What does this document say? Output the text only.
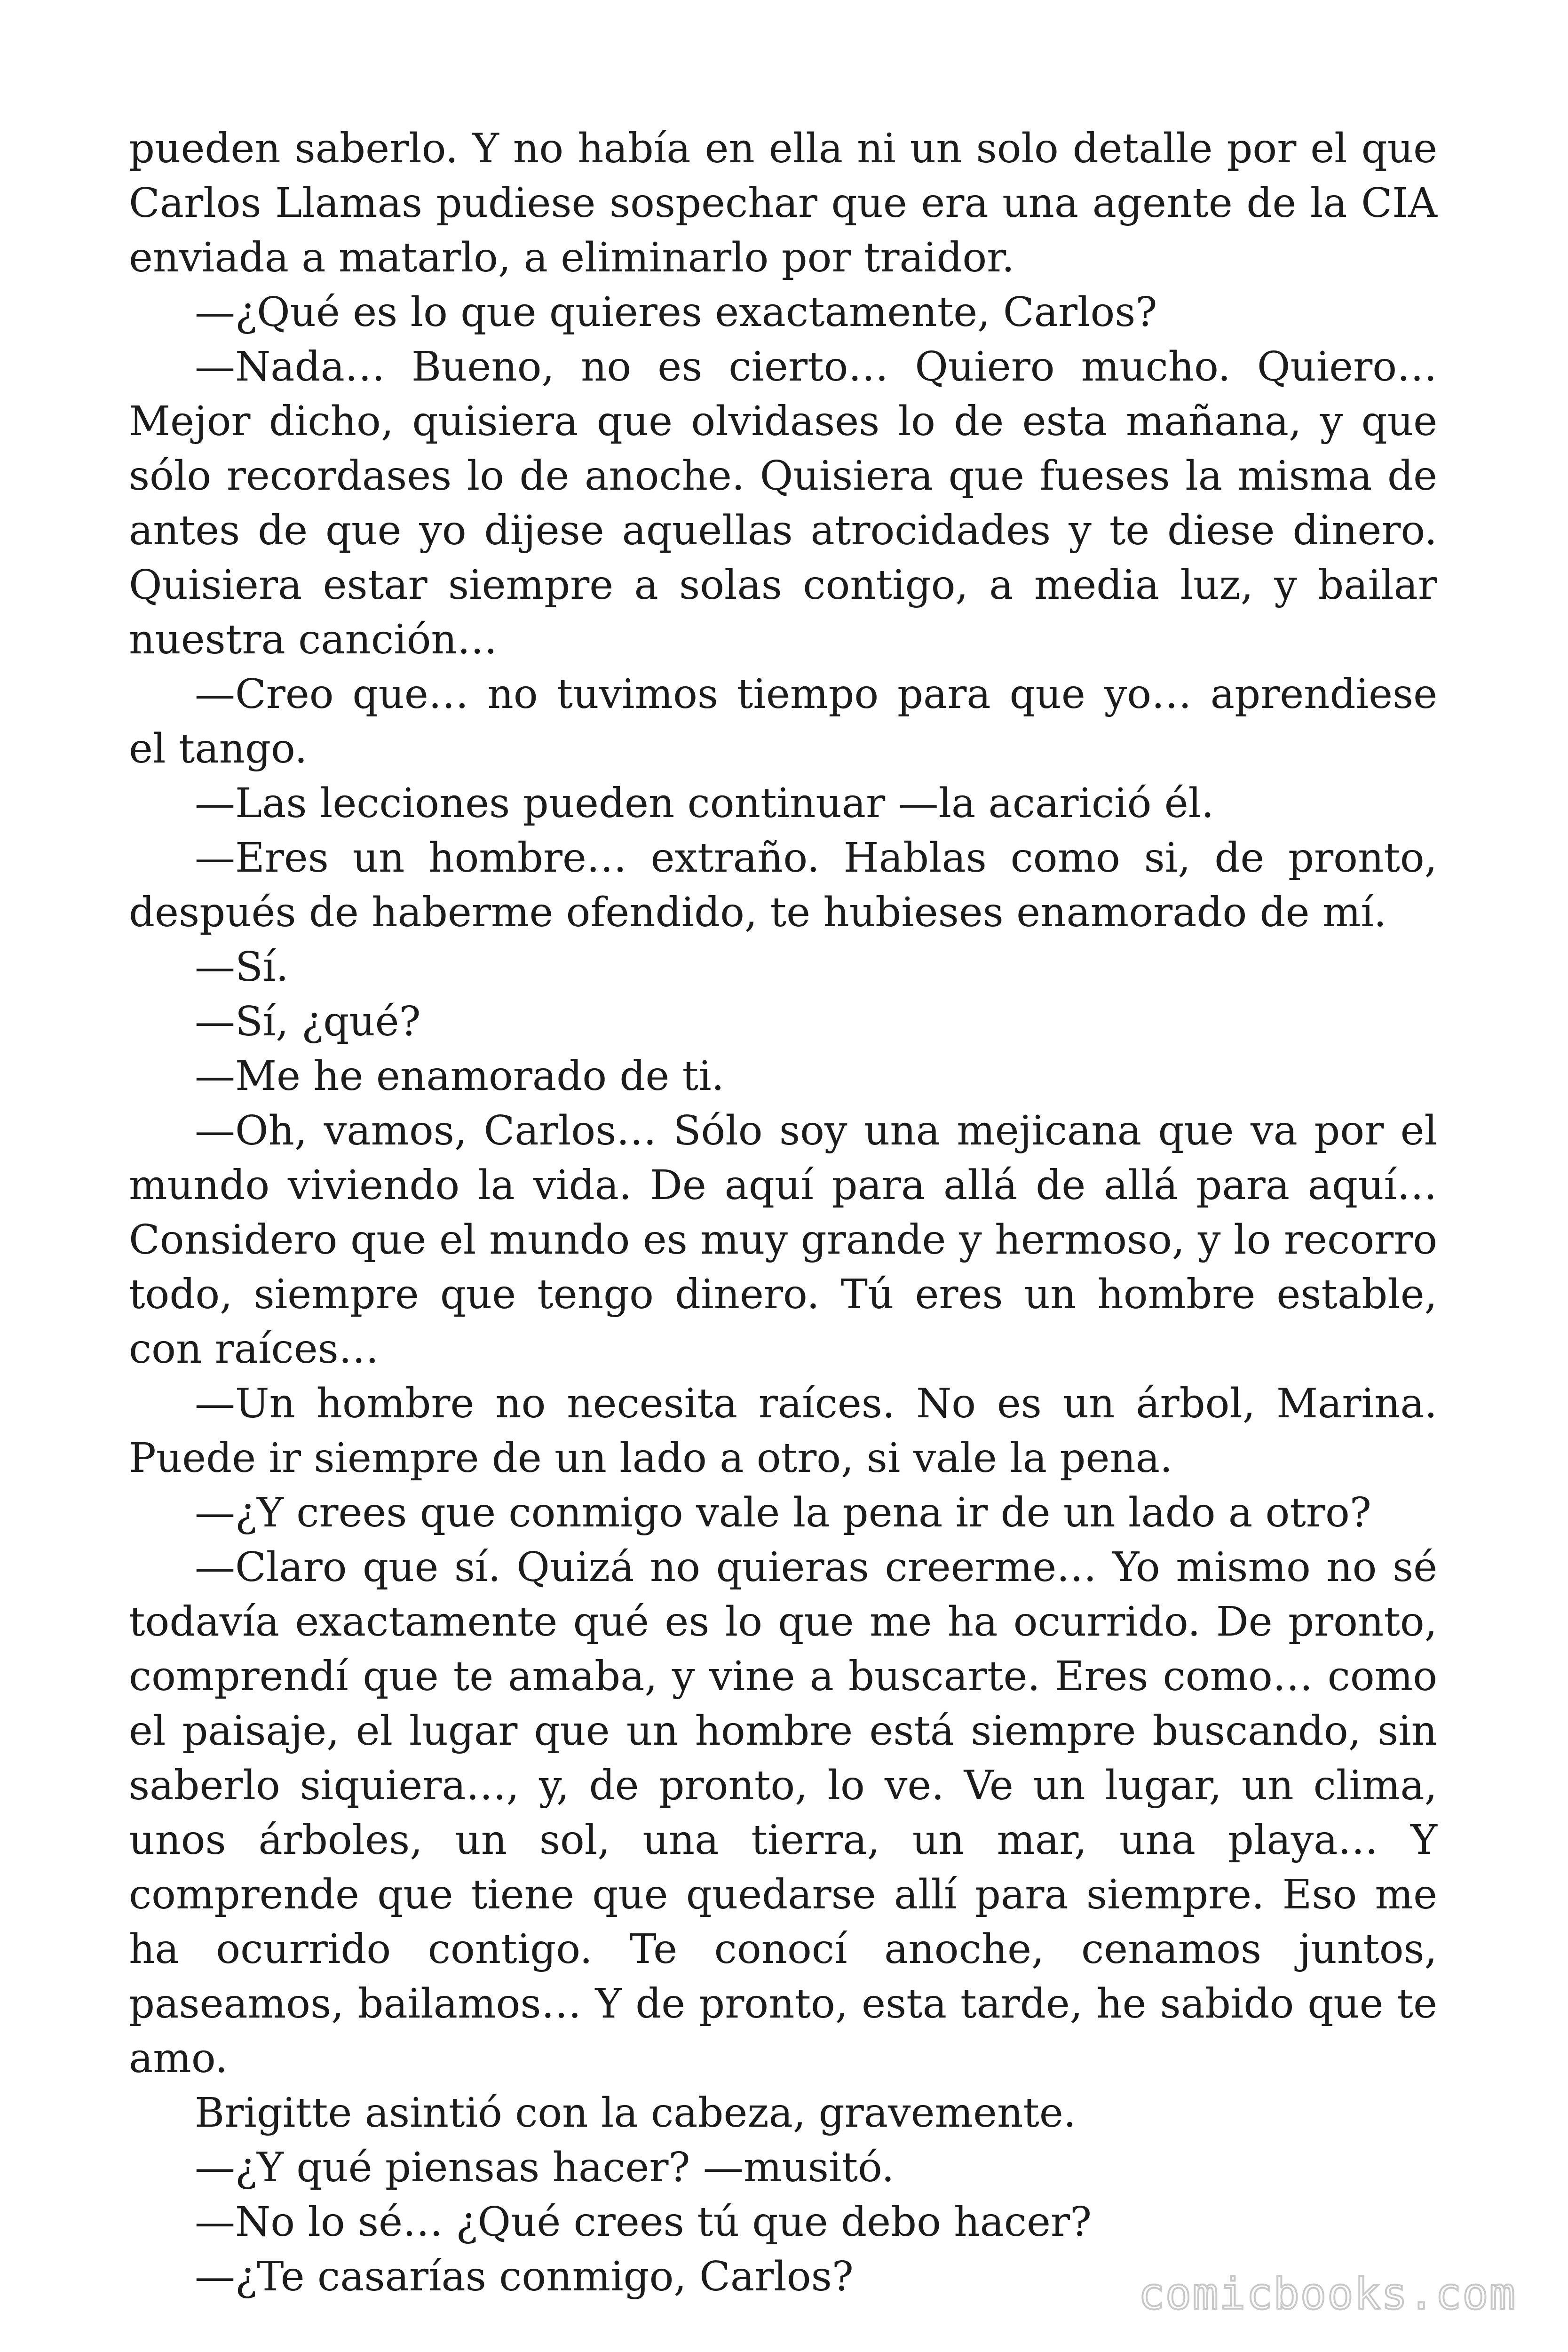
pueden saberlo. Y no había en ella ni un solo detalle por el que Carlos Llamas pudiese sospechar que era una agente de la CIA enviada a matarlo, a eliminarlo por traidor.

—¿Qué es lo que quieres exactamente, Carlos?

—Nada… Bueno, no es cierto… Quiero mucho. Quiero… Mejor dicho, quisiera que olvidases lo de esta mañana, y que sólo recordases lo de anoche. Quisiera que fueses la misma de antes de que yo dijese aquellas atrocidades y te diese dinero. Quisiera estar siempre a solas contigo, a media luz, y bailar nuestra canción…

—Creo que… no tuvimos tiempo para que yo… aprendiese el tango.

—Las lecciones pueden continuar —la acarició él.

—Eres un hombre… extraño. Hablas como si, de pronto, después de haberme ofendido, te hubieses enamorado de mí.

—Sí.

—Sí, ¿qué?

—Me he enamorado de ti.

—Oh, vamos, Carlos… Sólo soy una mejicana que va por el mundo viviendo la vida. De aquí para allá de allá para aquí… Considero que el mundo es muy grande y hermoso, y lo recorro todo, siempre que tengo dinero. Tú eres un hombre estable, con raíces…

—Un hombre no necesita raíces. No es un árbol, Marina. Puede ir siempre de un lado a otro, si vale la pena.

—¿Y crees que conmigo vale la pena ir de un lado a otro?

—Claro que sí. Quizá no quieras creerme… Yo mismo no sé todavía exactamente qué es lo que me ha ocurrido. De pronto, comprendí que te amaba, y vine a buscarte. Eres como… como el paisaje, el lugar que un hombre está siempre buscando, sin saberlo siquiera…, y, de pronto, lo ve. Ve un lugar, un clima, unos árboles, un sol, una tierra, un mar, una playa… Y comprende que tiene que quedarse allí para siempre. Eso me ha ocurrido contigo. Te conocí anoche, cenamos juntos, paseamos, bailamos… Y de pronto, esta tarde, he sabido que te amo.

Brigitte asintió con la cabeza, gravemente.

—¿Y qué piensas hacer? —musitó.

—No lo sé… ¿Qué crees tú que debo hacer?

—¿Te casarías conmigo, Carlos?	comicbooks.com
